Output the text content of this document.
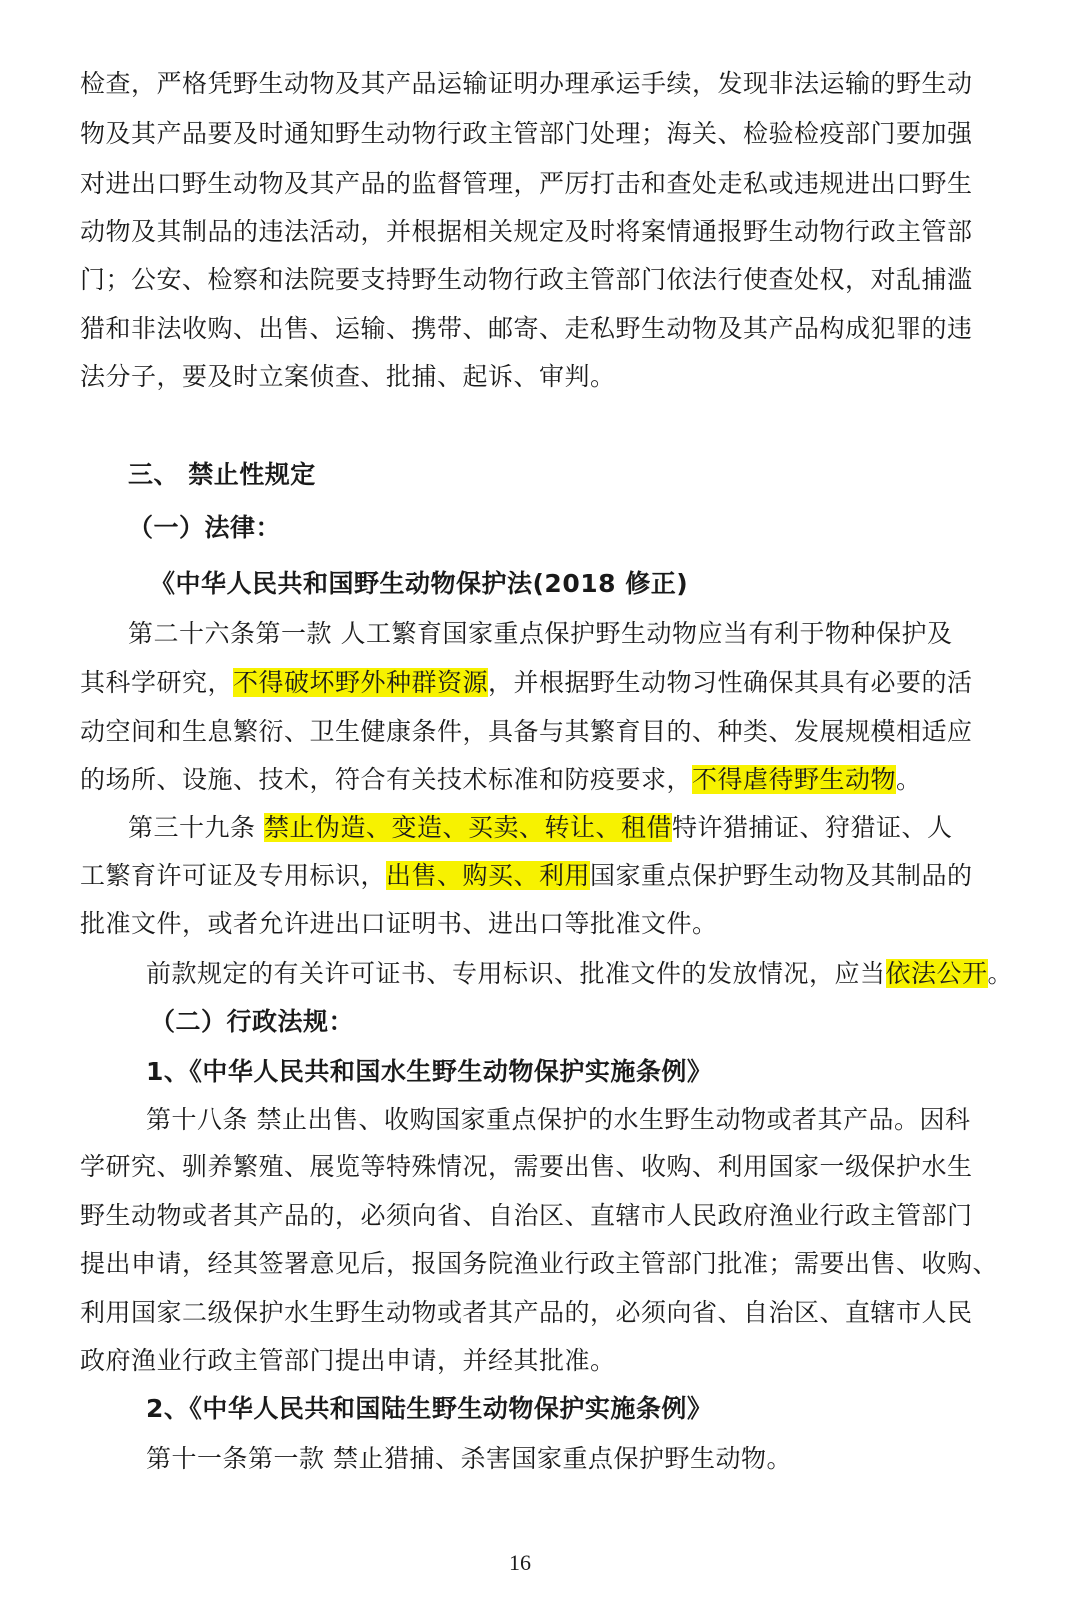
检查，严格凭野生动物及其产品运输证明办理承运手续，发现非法运输的野生动
物及其产品要及时通知野生动物行政主管部门处理；海关、检验检疫部门要加强
对进出口野生动物及其产品的监督管理，严厉打击和查处走私或违规进出口野生
动物及其制品的违法活动，并根据相关规定及时将案情通报野生动物行政主管部
门；公安、检察和法院要支持野生动物行政主管部门依法行使查处权，对乱捕滥
猎和非法收购、出售、运输、携带、邮寄、走私野生动物及其产品构成犯罪的违
法分子，要及时立案侦查、批捕、起诉、审判。
三、 禁止性规定
（一）法律：
《中华人民共和国野生动物保护法(2018 修正)
第二十六条第一款 人工繁育国家重点保护野生动物应当有利于物种保护及
其科学研究，不得破坏野外种群资源，并根据野生动物习性确保其具有必要的活
动空间和生息繁衍、卫生健康条件，具备与其繁育目的、种类、发展规模相适应
的场所、设施、技术，符合有关技术标准和防疫要求，不得虐待野生动物。
第三十九条 禁止伪造、变造、买卖、转让、租借特许猎捕证、狩猎证、人
工繁育许可证及专用标识，出售、购买、利用国家重点保护野生动物及其制品的
批准文件，或者允许进出口证明书、进出口等批准文件。
前款规定的有关许可证书、专用标识、批准文件的发放情况，应当依法公开。
（二）行政法规：
1、《中华人民共和国水生野生动物保护实施条例》
第十八条 禁止出售、收购国家重点保护的水生野生动物或者其产品。因科
学研究、驯养繁殖、展览等特殊情况，需要出售、收购、利用国家一级保护水生
野生动物或者其产品的，必须向省、自治区、直辖市人民政府渔业行政主管部门
提出申请，经其签署意见后，报国务院渔业行政主管部门批准；需要出售、收购、
利用国家二级保护水生野生动物或者其产品的，必须向省、自治区、直辖市人民
政府渔业行政主管部门提出申请，并经其批准。
2、《中华人民共和国陆生野生动物保护实施条例》
第十一条第一款 禁止猎捕、杀害国家重点保护野生动物。
16
